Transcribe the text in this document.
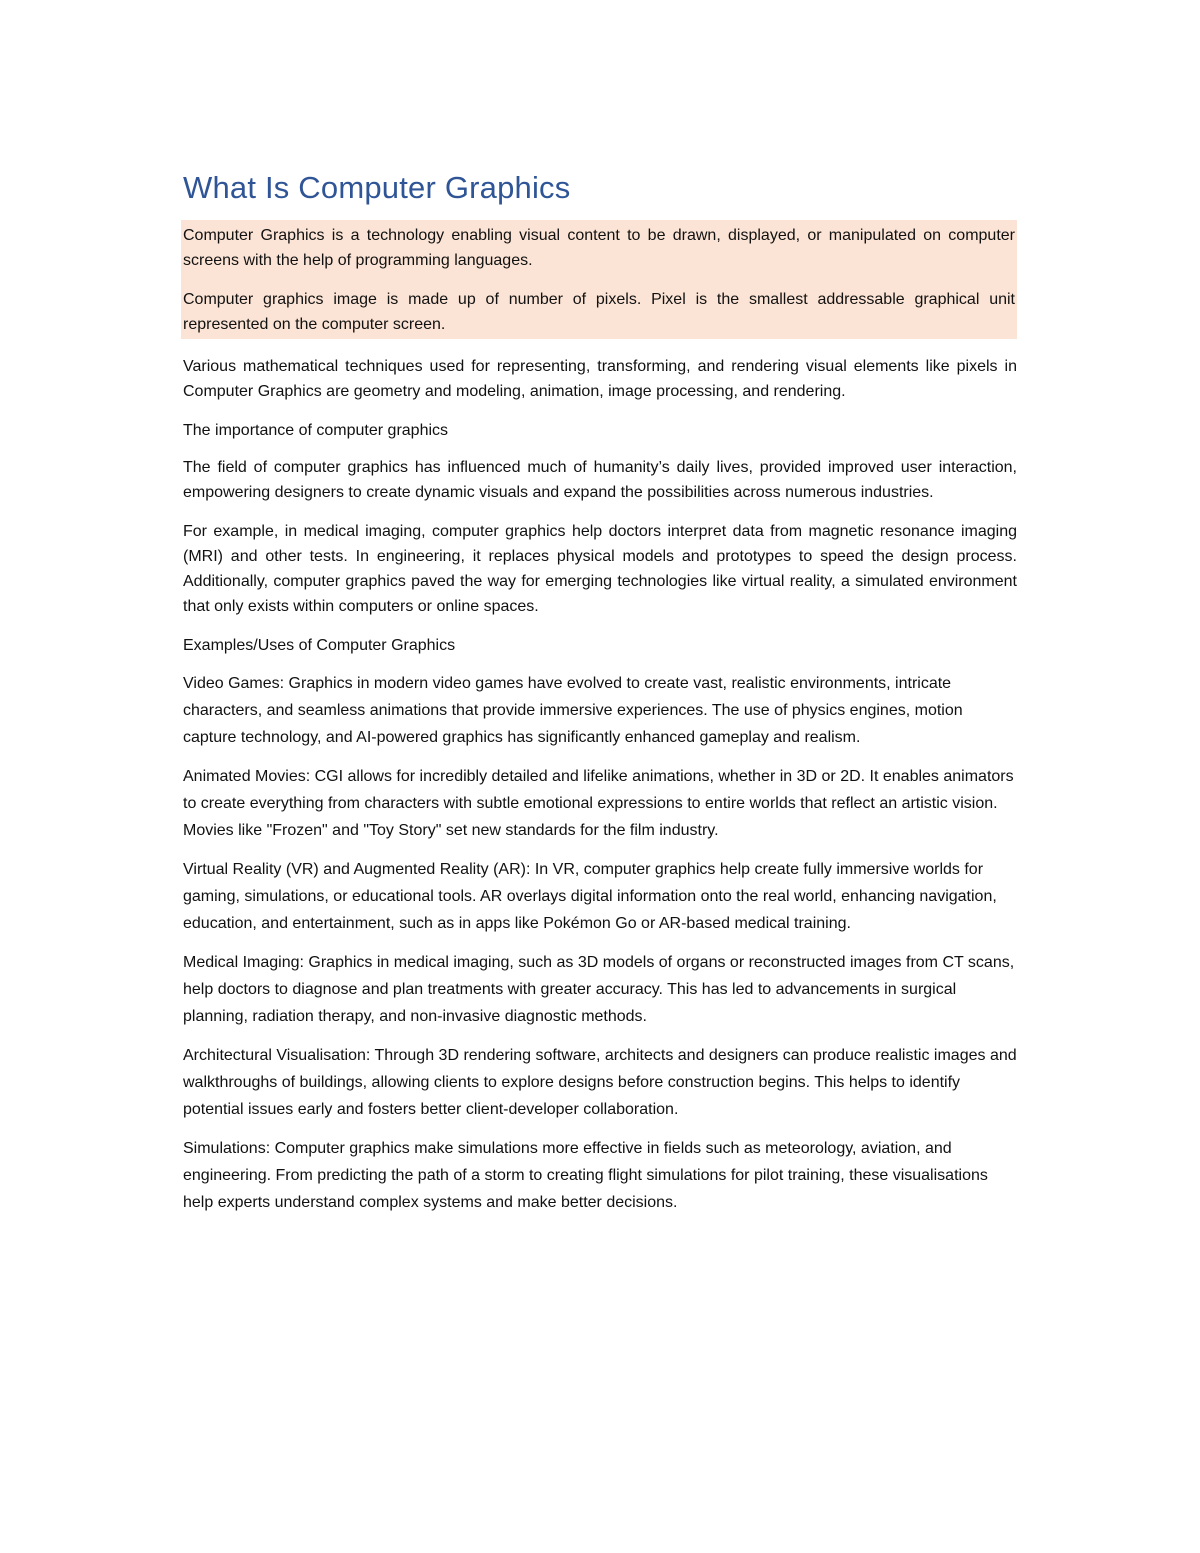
What Is Computer Graphics

Computer Graphics is a technology enabling visual content to be drawn, displayed, or manipulated on computer screens with the help of programming languages.

Computer graphics image is made up of number of pixels. Pixel is the smallest addressable graphical unit represented on the computer screen.

Various mathematical techniques used for representing, transforming, and rendering visual elements like pixels in Computer Graphics are geometry and modeling, animation, image processing, and rendering.

The importance of computer graphics

The field of computer graphics has influenced much of humanity’s daily lives, provided improved user interaction, empowering designers to create dynamic visuals and expand the possibilities across numerous industries.

For example, in medical imaging, computer graphics help doctors interpret data from magnetic resonance imaging (MRI) and other tests. In engineering, it replaces physical models and prototypes to speed the design process. Additionally, computer graphics paved the way for emerging technologies like virtual reality, a simulated environment that only exists within computers or online spaces.

Examples/Uses of Computer Graphics

Video Games: Graphics in modern video games have evolved to create vast, realistic environments, intricate characters, and seamless animations that provide immersive experiences. The use of physics engines, motion capture technology, and AI-powered graphics has significantly enhanced gameplay and realism.

Animated Movies: CGI allows for incredibly detailed and lifelike animations, whether in 3D or 2D. It enables animators to create everything from characters with subtle emotional expressions to entire worlds that reflect an artistic vision. Movies like "Frozen" and "Toy Story" set new standards for the film industry.

Virtual Reality (VR) and Augmented Reality (AR): In VR, computer graphics help create fully immersive worlds for gaming, simulations, or educational tools. AR overlays digital information onto the real world, enhancing navigation, education, and entertainment, such as in apps like Pokémon Go or AR-based medical training.

Medical Imaging: Graphics in medical imaging, such as 3D models of organs or reconstructed images from CT scans, help doctors to diagnose and plan treatments with greater accuracy. This has led to advancements in surgical planning, radiation therapy, and non-invasive diagnostic methods.

Architectural Visualisation: Through 3D rendering software, architects and designers can produce realistic images and walkthroughs of buildings, allowing clients to explore designs before construction begins. This helps to identify potential issues early and fosters better client-developer collaboration.

Simulations: Computer graphics make simulations more effective in fields such as meteorology, aviation, and engineering. From predicting the path of a storm to creating flight simulations for pilot training, these visualisations help experts understand complex systems and make better decisions.
